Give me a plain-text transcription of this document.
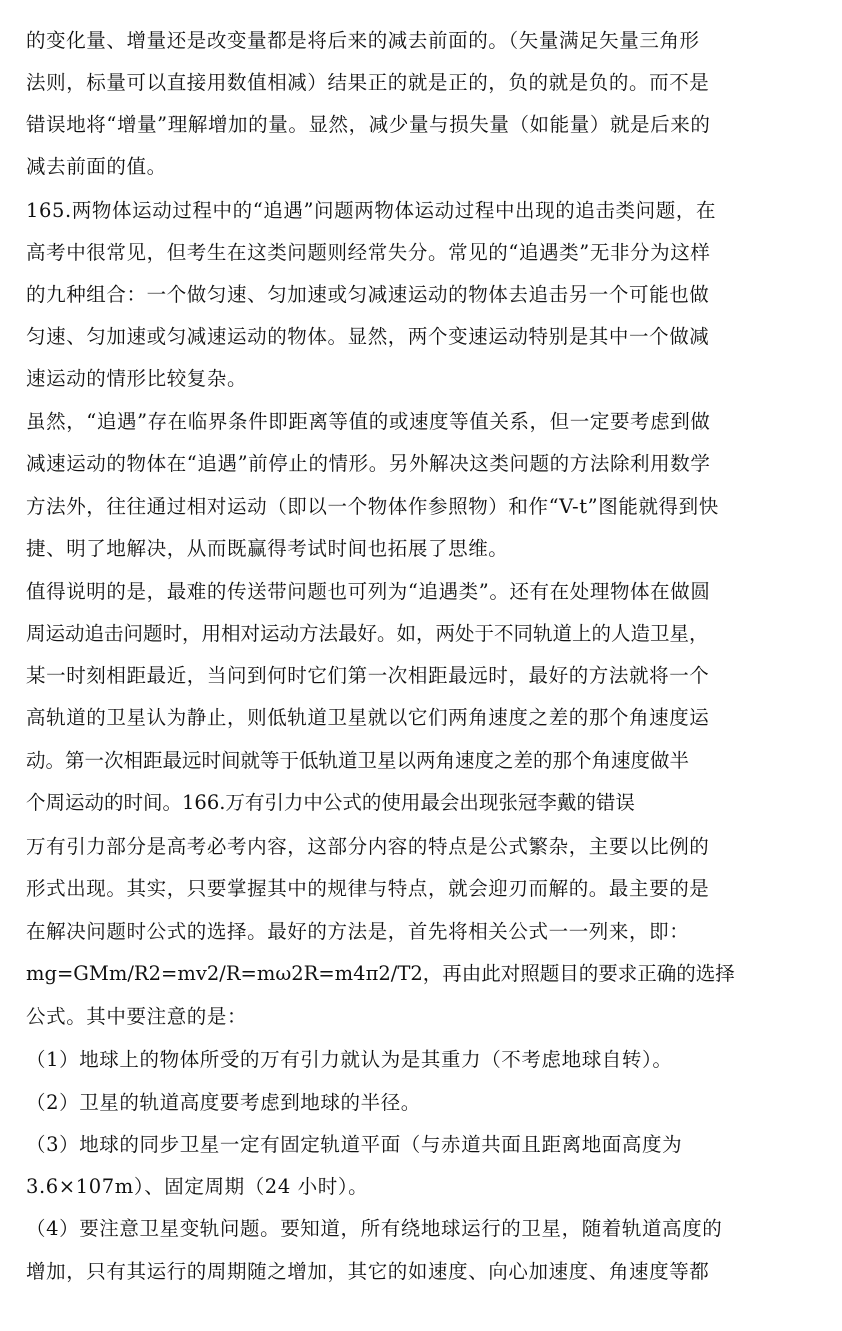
的变化量、增量还是改变量都是将后来的减去前面的。（矢量满足矢量三角形
法则，标量可以直接用数值相减）结果正的就是正的，负的就是负的。而不是
错误地将“增量”理解增加的量。显然，减少量与损失量（如能量）就是后来的
减去前面的值。
165.两物体运动过程中的“追遇”问题两物体运动过程中出现的追击类问题，在
高考中很常见，但考生在这类问题则经常失分。常见的“追遇类”无非分为这样
的九种组合：一个做匀速、匀加速或匀减速运动的物体去追击另一个可能也做
匀速、匀加速或匀减速运动的物体。显然，两个变速运动特别是其中一个做减
速运动的情形比较复杂。
虽然，“追遇”存在临界条件即距离等值的或速度等值关系，但一定要考虑到做
减速运动的物体在“追遇”前停止的情形。另外解决这类问题的方法除利用数学
方法外，往往通过相对运动（即以一个物体作参照物）和作“V-t”图能就得到快
捷、明了地解决，从而既赢得考试时间也拓展了思维。
值得说明的是，最难的传送带问题也可列为“追遇类”。还有在处理物体在做圆
周运动追击问题时，用相对运动方法最好。如，两处于不同轨道上的人造卫星，
某一时刻相距最近，当问到何时它们第一次相距最远时，最好的方法就将一个
高轨道的卫星认为静止，则低轨道卫星就以它们两角速度之差的那个角速度运
动。第一次相距最远时间就等于低轨道卫星以两角速度之差的那个角速度做半
个周运动的时间。166.万有引力中公式的使用最会出现张冠李戴的错误
万有引力部分是高考必考内容，这部分内容的特点是公式繁杂，主要以比例的
形式出现。其实，只要掌握其中的规律与特点，就会迎刃而解的。最主要的是
在解决问题时公式的选择。最好的方法是，首先将相关公式一一列来，即：
mg=GMm/R2=mv2/R=mω2R=m4π2/T2，再由此对照题目的要求正确的选择
公式。其中要注意的是：
（1）地球上的物体所受的万有引力就认为是其重力（不考虑地球自转）。
（2）卫星的轨道高度要考虑到地球的半径。
（3）地球的同步卫星一定有固定轨道平面（与赤道共面且距离地面高度为
3.6×107m）、固定周期（24 小时）。
（4）要注意卫星变轨问题。要知道，所有绕地球运行的卫星，随着轨道高度的
增加，只有其运行的周期随之增加，其它的如速度、向心加速度、角速度等都
